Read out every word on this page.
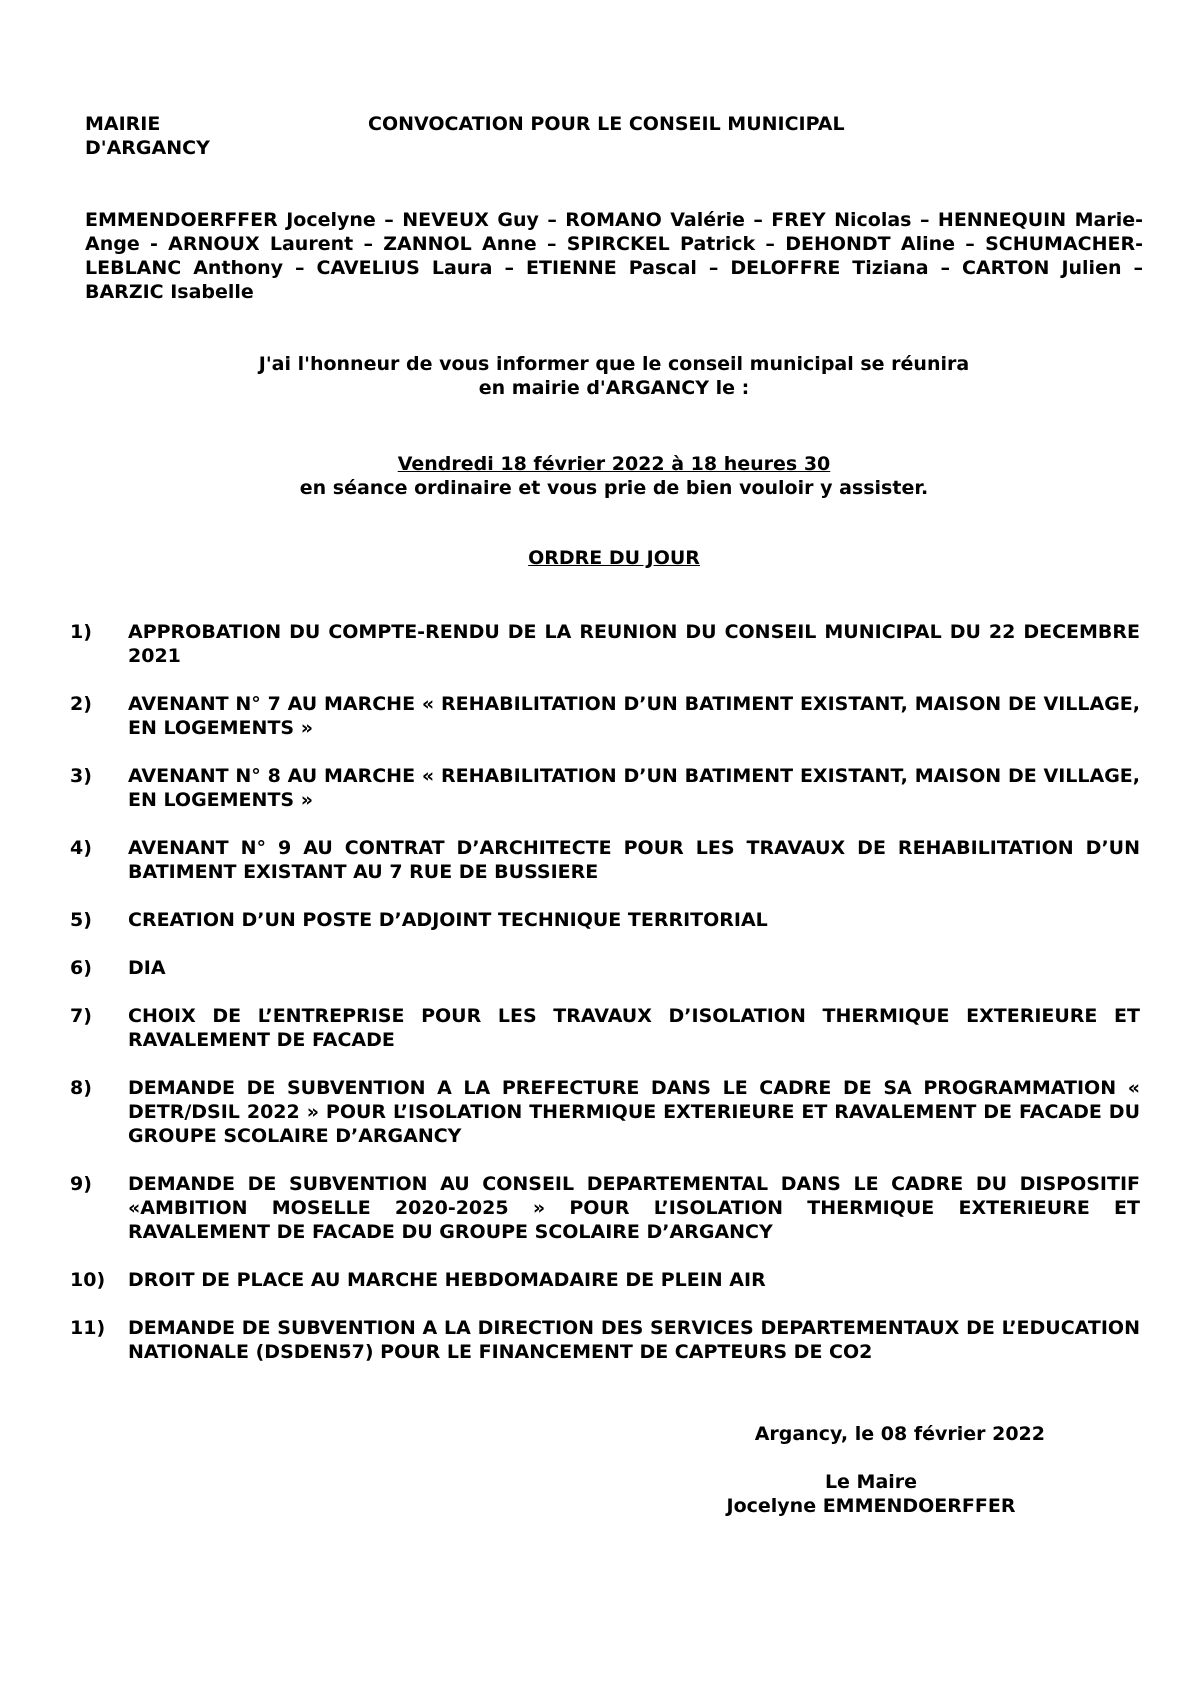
MAIRIE
D'ARGANCY
CONVOCATION POUR LE CONSEIL MUNICIPAL
EMMENDOERFFER Jocelyne – NEVEUX Guy – ROMANO Valérie – FREY Nicolas – HENNEQUIN Marie-Ange - ARNOUX Laurent – ZANNOL Anne – SPIRCKEL Patrick – DEHONDT Aline – SCHUMACHER-LEBLANC Anthony – CAVELIUS Laura – ETIENNE Pascal – DELOFFRE Tiziana – CARTON Julien – BARZIC Isabelle
J'ai l'honneur de vous informer que le conseil municipal se réunira
en mairie d'ARGANCY le :
Vendredi 18 février 2022 à 18 heures 30
en séance ordinaire et vous prie de bien vouloir y assister.
ORDRE DU JOUR
1) APPROBATION DU COMPTE-RENDU DE LA REUNION DU CONSEIL MUNICIPAL DU 22 DECEMBRE 2021
2) AVENANT N° 7 AU MARCHE « REHABILITATION D’UN BATIMENT EXISTANT, MAISON DE VILLAGE, EN LOGEMENTS »
3) AVENANT N° 8 AU MARCHE « REHABILITATION D’UN BATIMENT EXISTANT, MAISON DE VILLAGE, EN LOGEMENTS »
4) AVENANT N° 9 AU CONTRAT D’ARCHITECTE POUR LES TRAVAUX DE REHABILITATION D’UN BATIMENT EXISTANT AU 7 RUE DE BUSSIERE
5) CREATION D’UN POSTE D’ADJOINT TECHNIQUE TERRITORIAL
6) DIA
7) CHOIX DE L’ENTREPRISE POUR LES TRAVAUX D’ISOLATION THERMIQUE EXTERIEURE ET RAVALEMENT DE FACADE
8) DEMANDE DE SUBVENTION A LA PREFECTURE DANS LE CADRE DE SA PROGRAMMATION « DETR/DSIL 2022 » POUR L’ISOLATION THERMIQUE EXTERIEURE ET RAVALEMENT DE FACADE DU GROUPE SCOLAIRE D’ARGANCY
9) DEMANDE DE SUBVENTION AU CONSEIL DEPARTEMENTAL DANS LE CADRE DU DISPOSITIF «AMBITION MOSELLE 2020-2025 » POUR L’ISOLATION THERMIQUE EXTERIEURE ET RAVALEMENT DE FACADE DU GROUPE SCOLAIRE D’ARGANCY
10) DROIT DE PLACE AU MARCHE HEBDOMADAIRE DE PLEIN AIR
11) DEMANDE DE SUBVENTION A LA DIRECTION DES SERVICES DEPARTEMENTAUX DE L’EDUCATION NATIONALE (DSDEN57) POUR LE FINANCEMENT DE CAPTEURS DE CO2
Argancy, le 08 février 2022
Le Maire
Jocelyne EMMENDOERFFER
